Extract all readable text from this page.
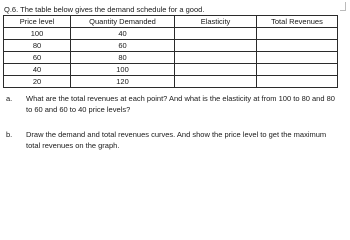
Q.6. The table below gives the demand schedule for a good.
Price level	Quantity Demanded	Elasticity	Total Revenues
100	40		
80	60		
60	80		
40	100		
20	120		
a. What are the total revenues at each point? And what is the elasticity at from 100 to 80 and 80 to 60 and 60 to 40 price levels?
b. Draw the demand and total revenues curves. And show the price level to get the maximum total revenues on the graph.
